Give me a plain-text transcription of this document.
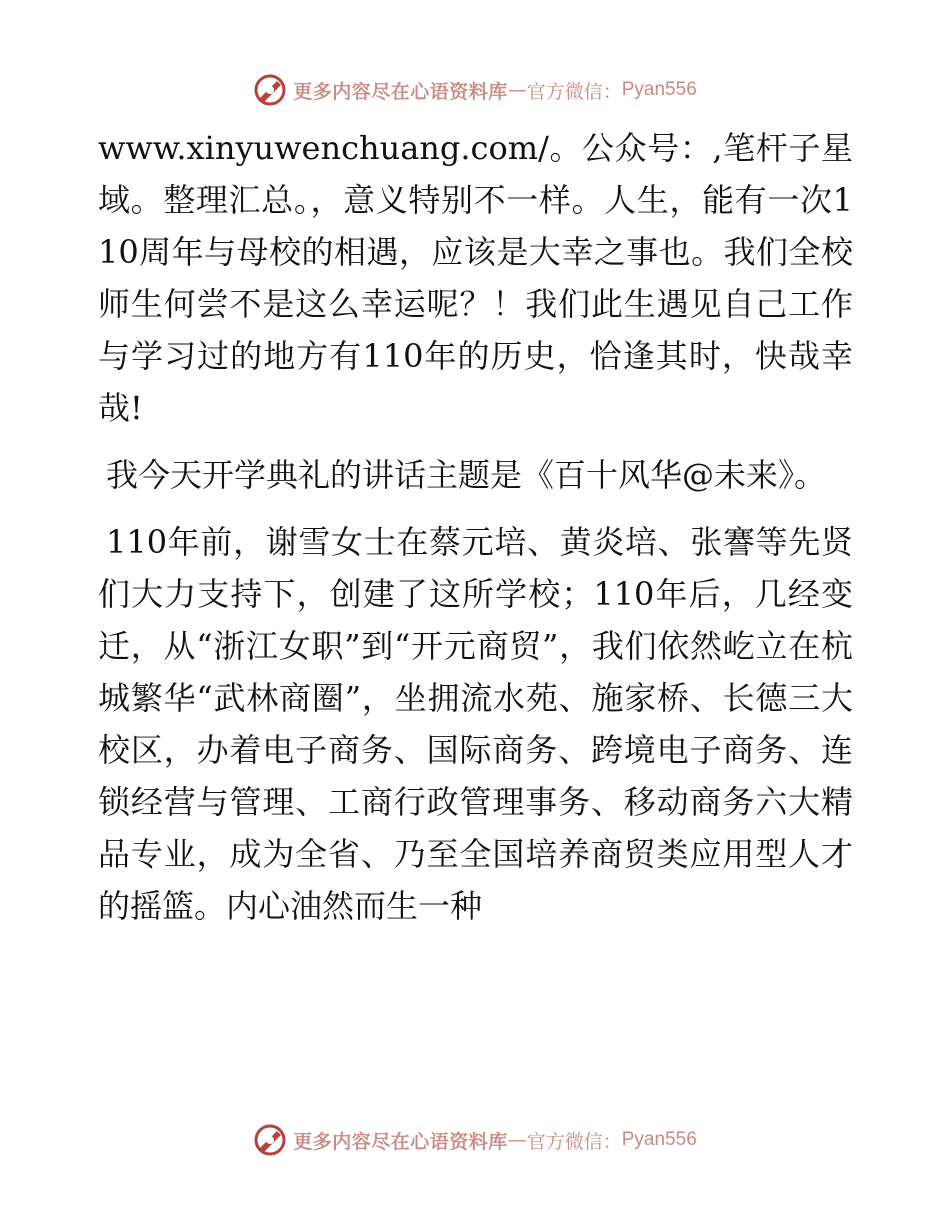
更多内容尽在心语资料库 — 官方微信： Pyan556

www.xinyuwenchuang.com/。公众号：,笔杆子星域。整理汇总。，意义特别不一样。人生，能有一次110周年与母校的相遇，应该是大幸之事也。我们全校师生何尝不是这么幸运呢？！我们此生遇见自己工作与学习过的地方有110年的历史，恰逢其时，快哉幸哉!

我今天开学典礼的讲话主题是《百十风华@未来》。

110年前，谢雪女士在蔡元培、黄炎培、张謇等先贤们大力支持下，创建了这所学校；110年后，几经变迁，从“浙江女职”到“开元商贸”，我们依然屹立在杭城繁华“武林商圈”，坐拥流水苑、施家桥、长德三大校区，办着电子商务、国际商务、跨境电子商务、连锁经营与管理、工商行政管理事务、移动商务六大精品专业，成为全省、乃至全国培养商贸类应用型人才的摇篮。内心油然而生一种

更多内容尽在心语资料库 — 官方微信： Pyan556
